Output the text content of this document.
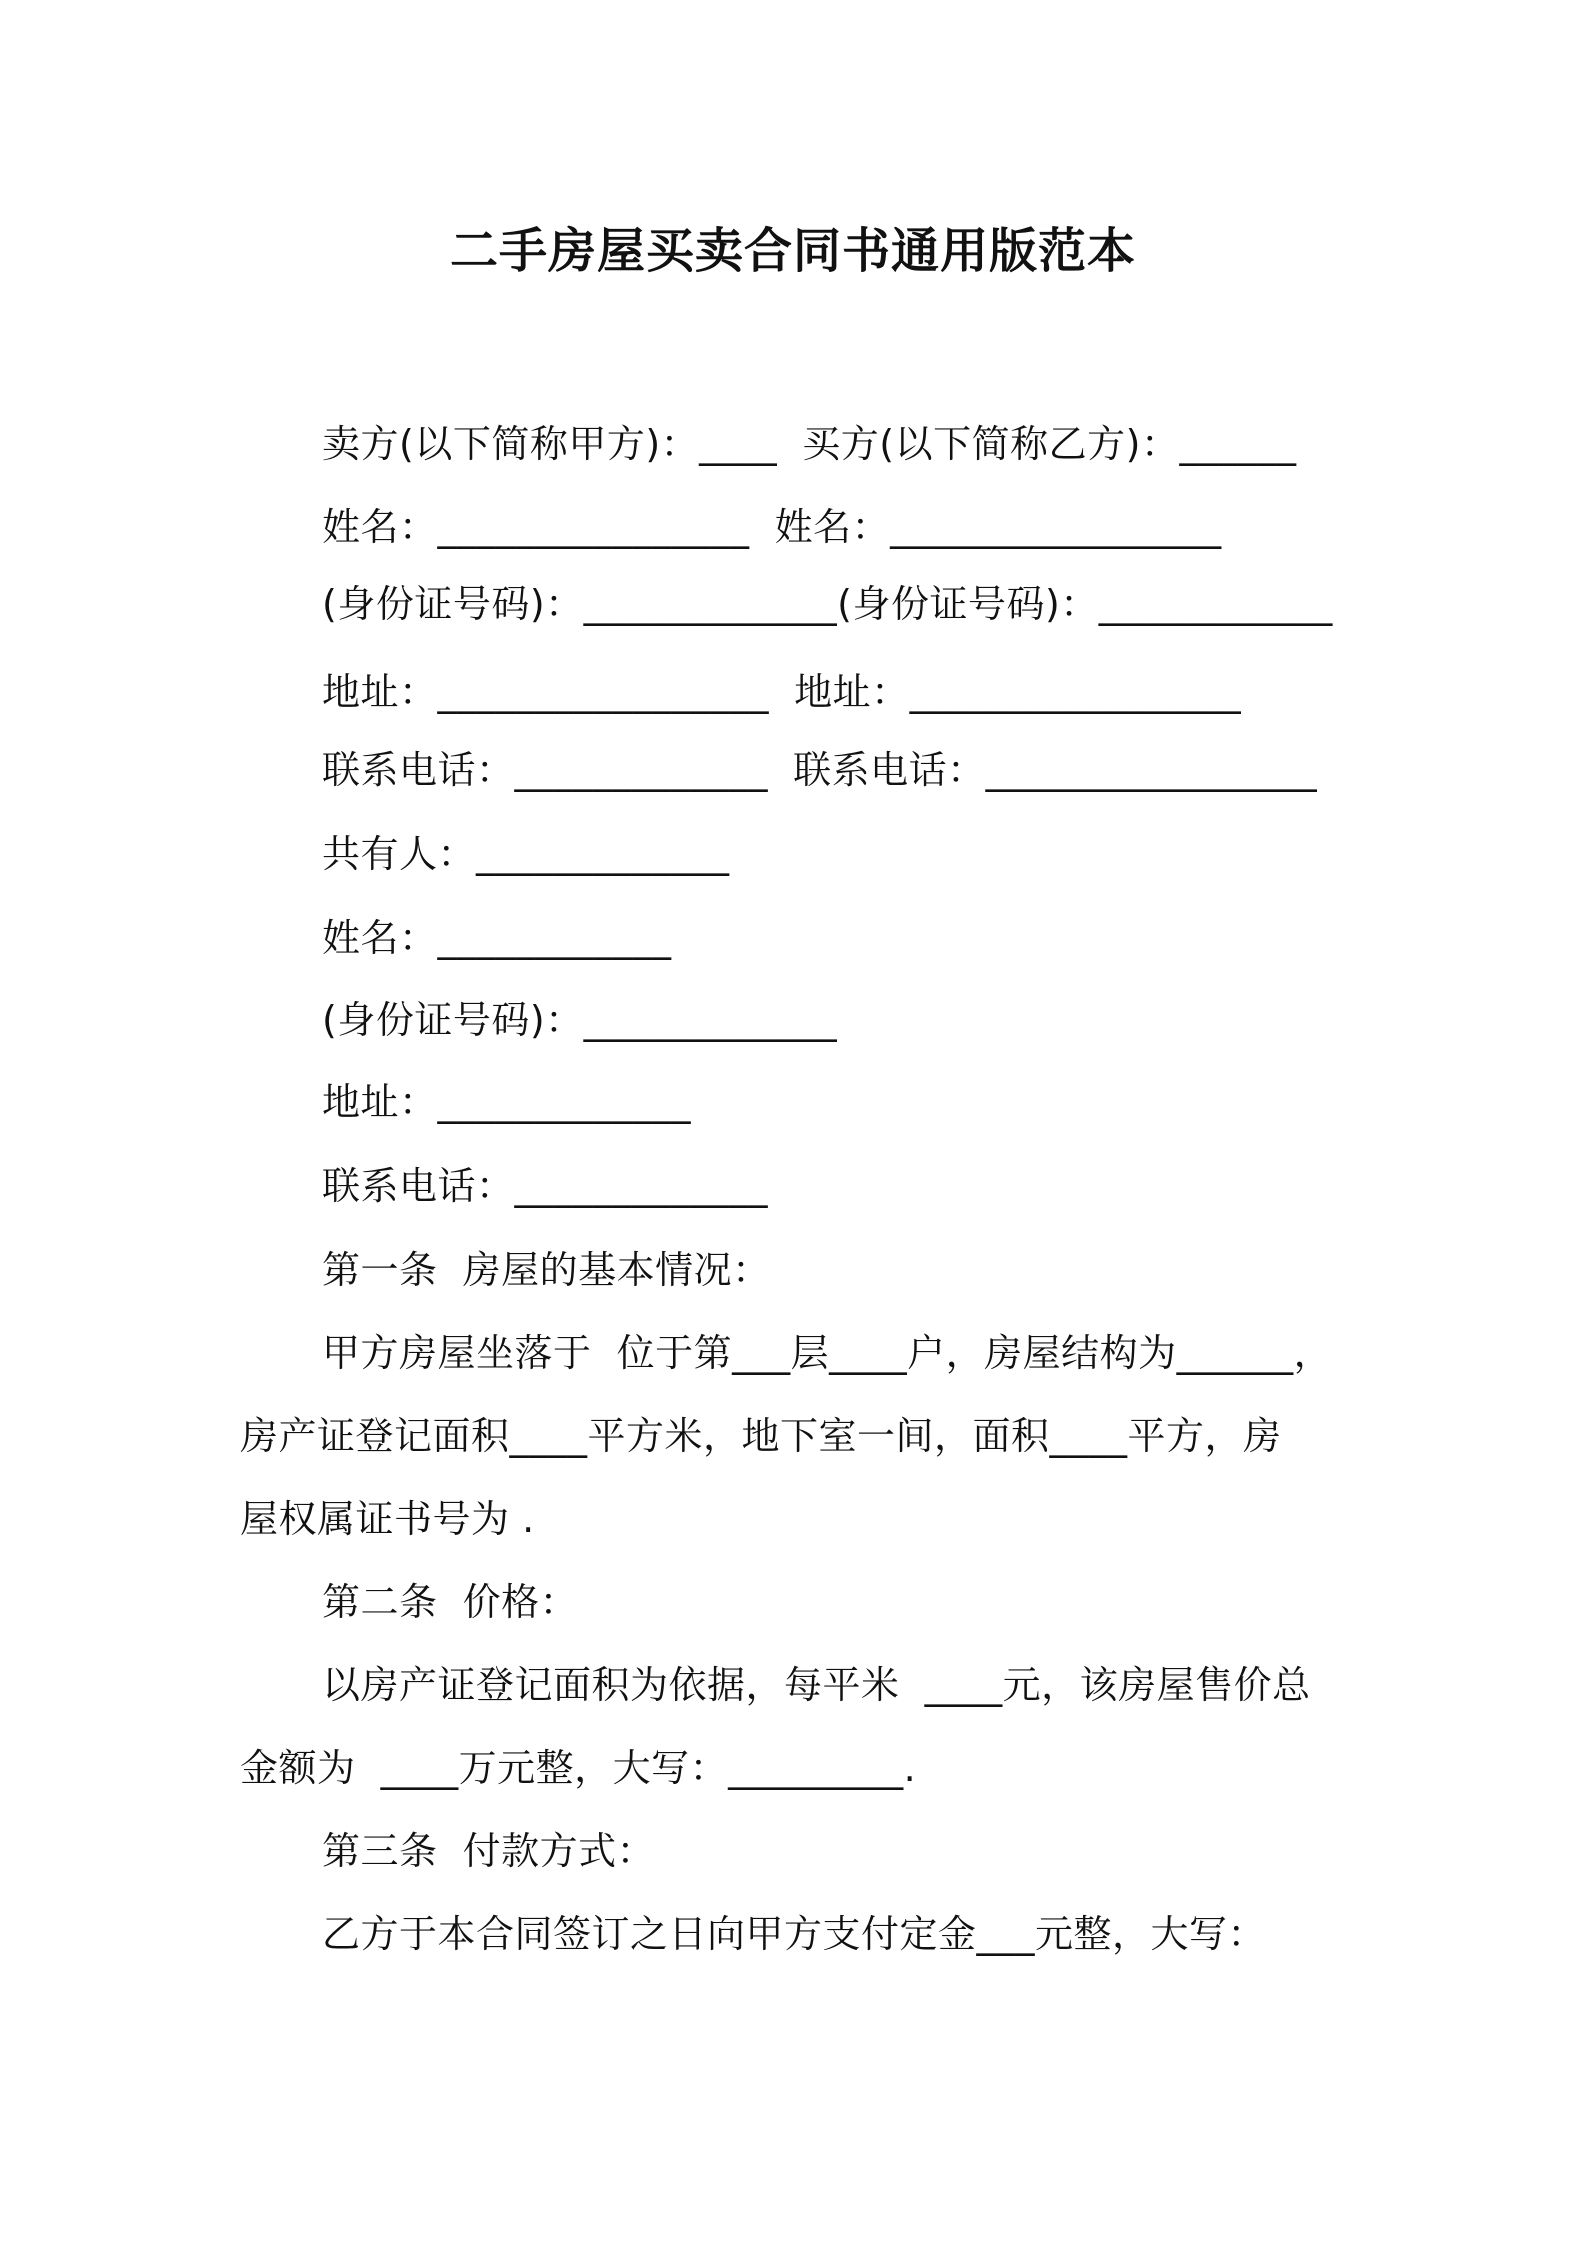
二手房屋买卖合同书通用版范本
卖方(以下简称甲方)：____  买方(以下简称乙方)：______
姓名：________________  姓名：_________________
(身份证号码)：_____________(身份证号码)：____________
地址：_________________  地址：_________________
联系电话：_____________  联系电话：_________________
共有人：_____________
姓名：____________
(身份证号码)：_____________
地址：_____________
联系电话：_____________
第一条  房屋的基本情况：
甲方房屋坐落于  位于第___层____户，房屋结构为______，
房产证登记面积____平方米，地下室一间，面积____平方，房
屋权属证书号为 .
第二条  价格：
以房产证登记面积为依据，每平米  ____元，该房屋售价总
金额为  ____万元整，大写：_________.
第三条  付款方式：
乙方于本合同签订之日向甲方支付定金___元整，大写：
